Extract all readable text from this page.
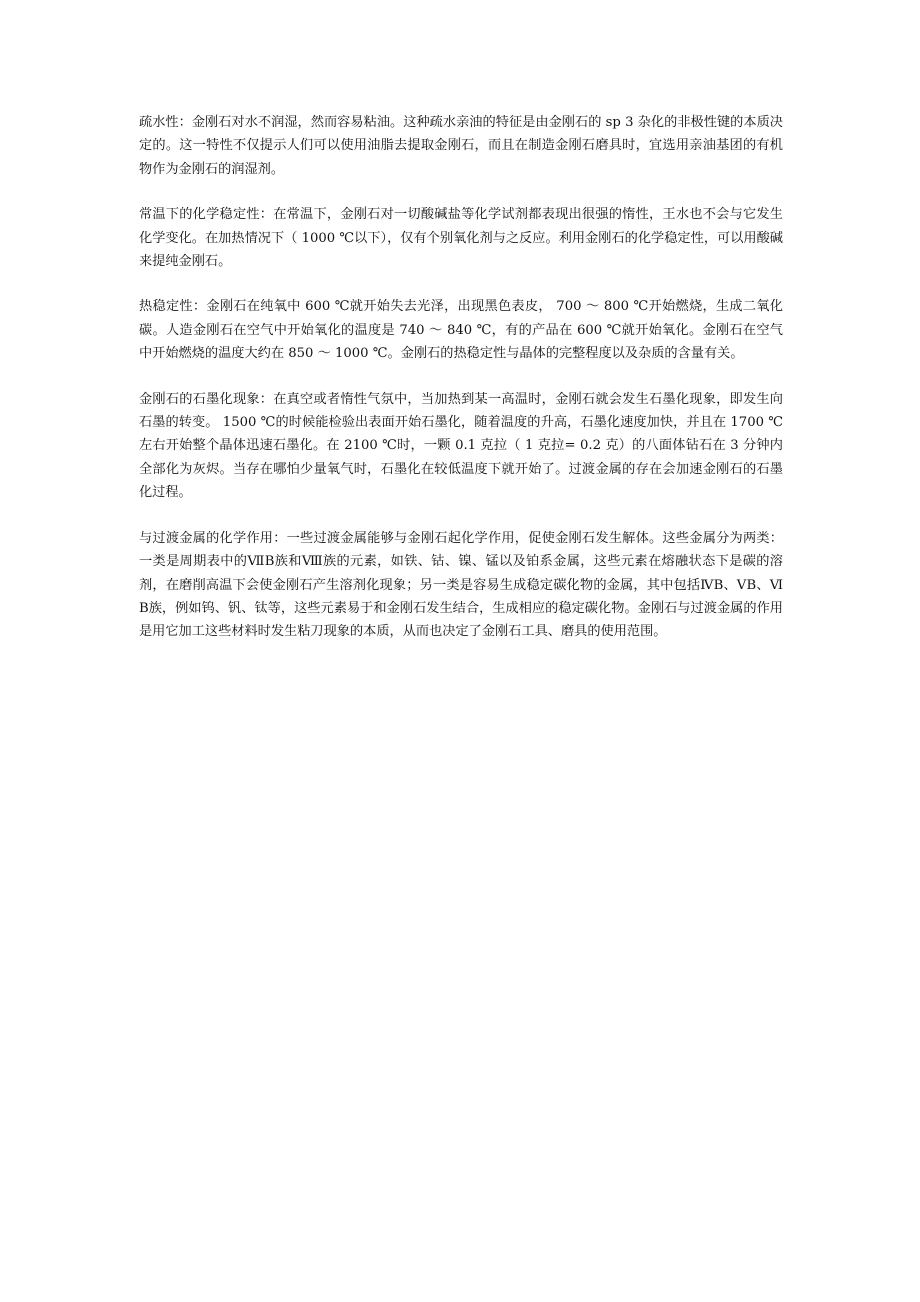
疏水性：金刚石对水不润湿，然而容易粘油。这种疏水亲油的特征是由金刚石的 sp 3 杂化的非极性键的本质决定的。这一特性不仅提示人们可以使用油脂去提取金刚石，而且在制造金刚石磨具时，宜选用亲油基团的有机物作为金刚石的润湿剂。

常温下的化学稳定性：在常温下，金刚石对一切酸碱盐等化学试剂都表现出很强的惰性，王水也不会与它发生化学变化。在加热情况下（ 1000 ℃以下），仅有个别氧化剂与之反应。利用金刚石的化学稳定性，可以用酸碱来提纯金刚石。

热稳定性：金刚石在纯氧中 600 ℃就开始失去光泽，出现黑色表皮， 700 ～ 800 ℃开始燃烧，生成二氧化碳。人造金刚石在空气中开始氧化的温度是 740 ～ 840 ℃，有的产品在 600 ℃就开始氧化。金刚石在空气中开始燃烧的温度大约在 850 ～ 1000 ℃。金刚石的热稳定性与晶体的完整程度以及杂质的含量有关。

金刚石的石墨化现象：在真空或者惰性气氛中，当加热到某一高温时，金刚石就会发生石墨化现象，即发生向石墨的转变。 1500 ℃的时候能检验出表面开始石墨化，随着温度的升高，石墨化速度加快，并且在 1700 ℃左右开始整个晶体迅速石墨化。在 2100 ℃时，一颗 0.1 克拉（ 1 克拉= 0.2 克）的八面体钻石在 3 分钟内全部化为灰烬。当存在哪怕少量氧气时，石墨化在较低温度下就开始了。过渡金属的存在会加速金刚石的石墨化过程。

与过渡金属的化学作用：一些过渡金属能够与金刚石起化学作用，促使金刚石发生解体。这些金属分为两类：一类是周期表中的ⅦB族和Ⅷ族的元素，如铁、钴、镍、锰以及铂系金属，这些元素在熔融状态下是碳的溶剂，在磨削高温下会使金刚石产生溶剂化现象；另一类是容易生成稳定碳化物的金属，其中包括ⅣB、ⅤB、ⅥB族，例如钨、钒、钛等，这些元素易于和金刚石发生结合，生成相应的稳定碳化物。金刚石与过渡金属的作用是用它加工这些材料时发生粘刀现象的本质，从而也决定了金刚石工具、磨具的使用范围。
